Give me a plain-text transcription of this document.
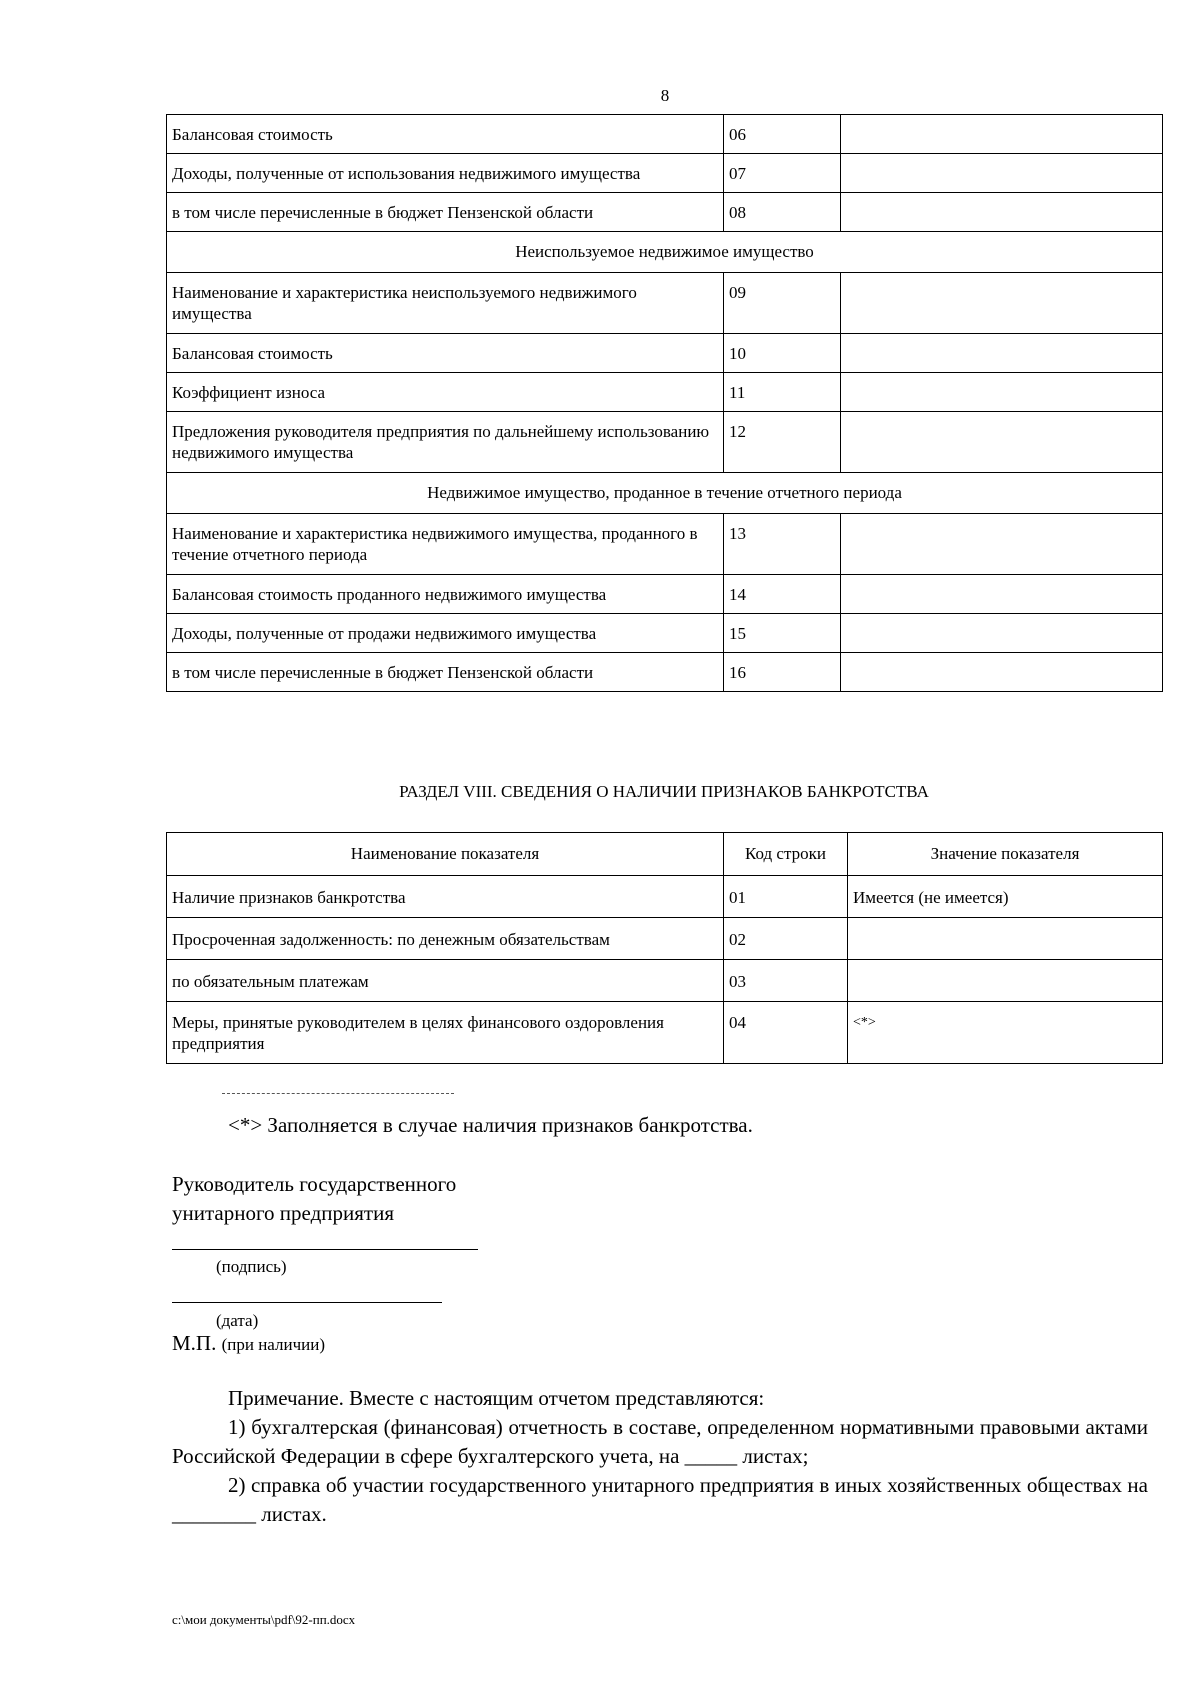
8
Балансовая стоимость	06	
Доходы, полученные от использования недвижимого имущества	07	
в том числе перечисленные в бюджет Пензенской области	08	
Неиспользуемое недвижимое имущество		
Наименование и характеристика неиспользуемого недвижимого имущества	09	
Балансовая стоимость	10	
Коэффициент износа	11	
Предложения руководителя предприятия по дальнейшему использованию недвижимого имущества	12	
Недвижимое имущество, проданное в течение отчетного периода		
Наименование и характеристика недвижимого имущества, проданного в течение отчетного периода	13	
Балансовая стоимость проданного недвижимого имущества	14	
Доходы, полученные от продажи недвижимого имущества	15	
в том числе перечисленные в бюджет Пензенской области	16	
РАЗДЕЛ VIII. СВЕДЕНИЯ О НАЛИЧИИ ПРИЗНАКОВ БАНКРОТСТВА
Наименование показателя	Код строки	Значение показателя
Наличие признаков банкротства	01	Имеется (не имеется)
Просроченная задолженность: по денежным обязательствам	02	
по обязательным платежам	03	
Меры, принятые руководителем в целях финансового оздоровления предприятия	04	<*>
<*> Заполняется в случае наличия признаков банкротства.
Руководитель государственного
унитарного предприятия
(подпись)
(дата)
М.П. (при наличии)

Примечание. Вместе с настоящим отчетом представляются:

1) бухгалтерская (финансовая) отчетность в составе, определенном нормативными правовыми актами Российской Федерации в сфере бухгалтерского учета, на _____ листах;

2) справка об участии государственного унитарного предприятия в иных хозяйственных обществах на ________ листах.

c:\мои документы\pdf\92-пп.docx
